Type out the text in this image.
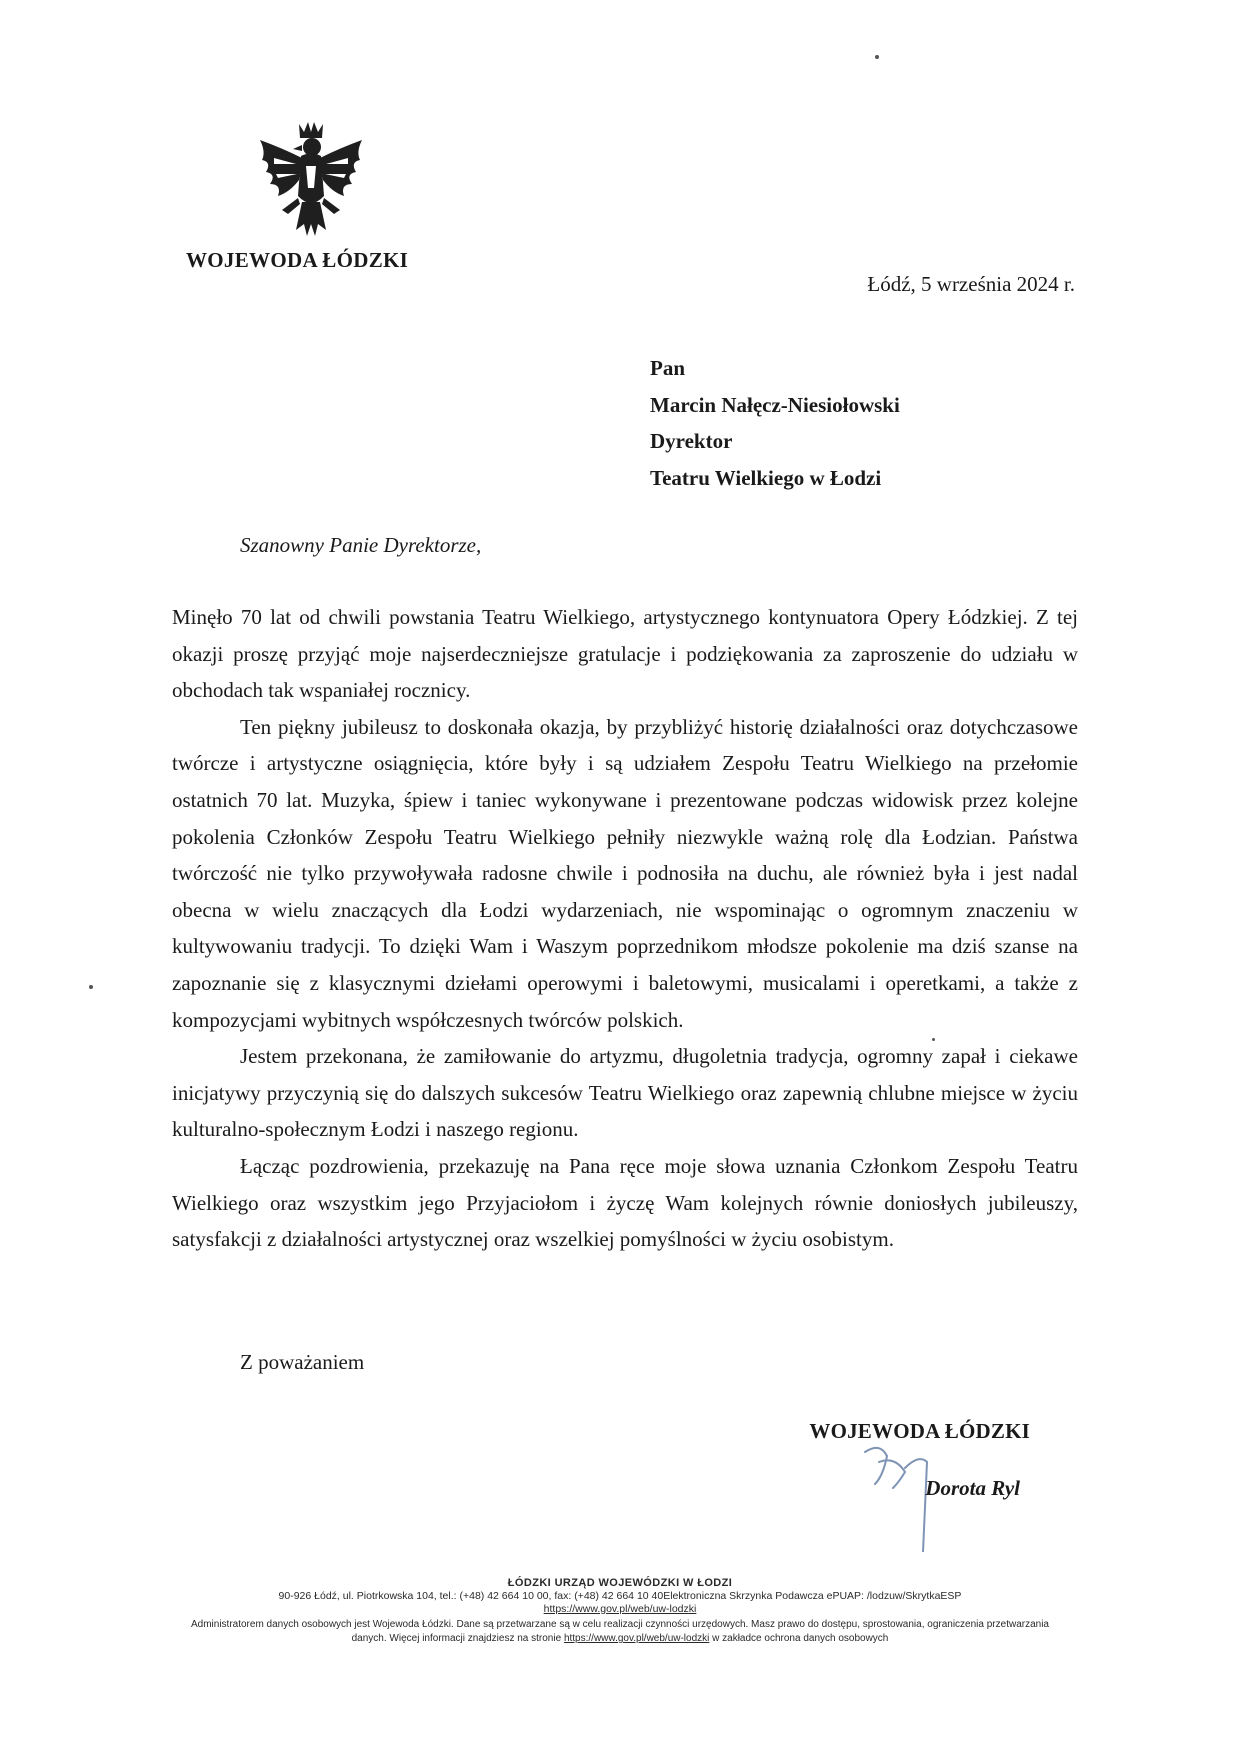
WOJEWODA ŁÓDZKI
Łódź, 5 września 2024 r.
Pan
Marcin Nałęcz-Niesiołowski
Dyrektor
Teatru Wielkiego w Łodzi
Szanowny Panie Dyrektorze,

Minęło 70 lat od chwili powstania Teatru Wielkiego, artystycznego kontynuatora Opery Łódzkiej. Z tej okazji proszę przyjąć moje najserdeczniejsze gratulacje i podziękowania za zaproszenie do udziału w obchodach tak wspaniałej rocznicy.

Ten piękny jubileusz to doskonała okazja, by przybliżyć historię działalności oraz dotychczasowe twórcze i artystyczne osiągnięcia, które były i są udziałem Zespołu Teatru Wielkiego na przełomie ostatnich 70 lat. Muzyka, śpiew i taniec wykonywane i prezentowane podczas widowisk przez kolejne pokolenia Członków Zespołu Teatru Wielkiego pełniły niezwykle ważną rolę dla Łodzian. Państwa twórczość nie tylko przywoływała radosne chwile i podnosiła na duchu, ale również była i jest nadal obecna w wielu znaczących dla Łodzi wydarzeniach, nie wspominając o ogromnym znaczeniu w kultywowaniu tradycji. To dzięki Wam i Waszym poprzednikom młodsze pokolenie ma dziś szanse na zapoznanie się z klasycznymi dziełami operowymi i baletowymi, musicalami i operetkami, a także z kompozycjami wybitnych współczesnych twórców polskich.

Jestem przekonana, że zamiłowanie do artyzmu, długoletnia tradycja, ogromny zapał i ciekawe inicjatywy przyczynią się do dalszych sukcesów Teatru Wielkiego oraz zapewnią chlubne miejsce w życiu kulturalno-społecznym Łodzi i naszego regionu.

Łącząc pozdrowienia, przekazuję na Pana ręce moje słowa uznania Członkom Zespołu Teatru Wielkiego oraz wszystkim jego Przyjaciołom i życzę Wam kolejnych równie doniosłych jubileuszy, satysfakcji z działalności artystycznej oraz wszelkiej pomyślności w życiu osobistym.

Z poważaniem
WOJEWODA ŁÓDZKI
Dorota Ryl
ŁÓDZKI URZĄD WOJEWÓDZKI W ŁODZI
90-926 Łódź, ul. Piotrkowska 104, tel.: (+48) 42 664 10 00, fax: (+48) 42 664 10 40Elektroniczna Skrzynka Podawcza ePUAP: /lodzuw/SkrytkaESP
https://www.gov.pl/web/uw-lodzki
Administratorem danych osobowych jest Wojewoda Łódzki. Dane są przetwarzane są w celu realizacji czynności urzędowych. Masz prawo do dostępu, sprostowania, ograniczenia przetwarzania danych. Więcej informacji znajdziesz na stronie https://www.gov.pl/web/uw-lodzki w zakładce ochrona danych osobowych
